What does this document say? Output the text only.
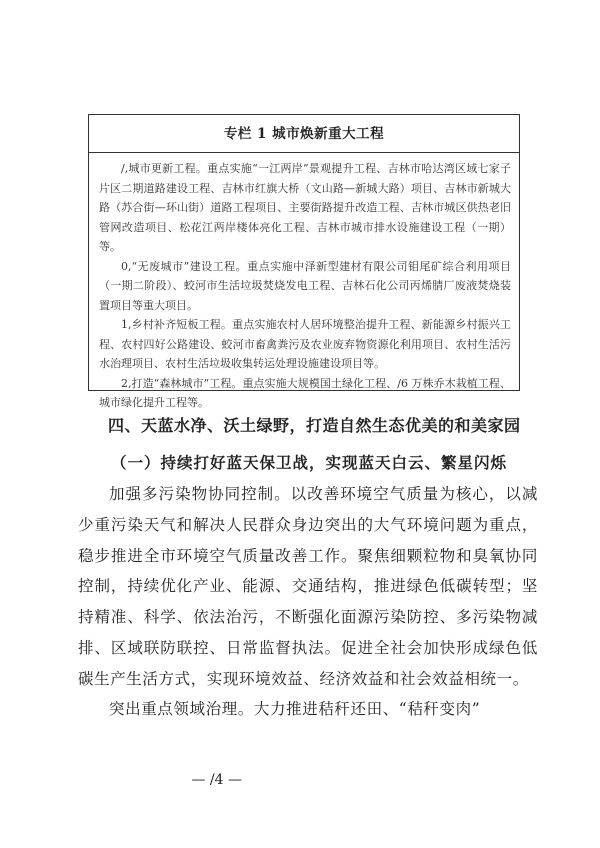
专栏 1 城市焕新重大工程

/,城市更新工程。重点实施“一江两岸”景观提升工程、吉林市哈达湾区域七家子片区二期道路建设工程、吉林市红旗大桥（文山路—新城大路）项目、吉林市新城大路（苏合街—环山街）道路工程项目、主要街路提升改造工程、吉林市城区供热老旧管网改造项目、松花江两岸楼体亮化工程、吉林市城市排水设施建设工程（一期）等。

0,“无废城市”建设工程。重点实施中泽新型建材有限公司钼尾矿综合利用项目（一期二阶段）、蛟河市生活垃圾焚烧发电工程、吉林石化公司丙烯腈厂废液焚烧装置项目等重大项目。

1,乡村补齐短板工程。重点实施农村人居环境整治提升工程、新能源乡村振兴工程、农村四好公路建设、蛟河市畜禽粪污及农业废弃物资源化利用项目、农村生活污水治理项目、农村生活垃圾收集转运处理设施建设项目等。

2,打造“森林城市”工程。重点实施大规模国土绿化工程、/6 万株乔木栽植工程、城市绿化提升工程等。

四、天蓝水净、沃土绿野，打造自然生态优美的和美家园
（一）持续打好蓝天保卫战，实现蓝天白云、繁星闪烁

加强多污染物协同控制。以改善环境空气质量为核心，以减少重污染天气和解决人民群众身边突出的大气环境问题为重点，稳步推进全市环境空气质量改善工作。聚焦细颗粒物和臭氧协同控制，持续优化产业、能源、交通结构，推进绿色低碳转型；坚持精准、科学、依法治污，不断强化面源污染防控、多污染物减排、区域联防联控、日常监督执法。促进全社会加快形成绿色低碳生产生活方式，实现环境效益、经济效益和社会效益相统一。

突出重点领域治理。大力推进秸秆还田、“秸秆变肉”

— /4 —
